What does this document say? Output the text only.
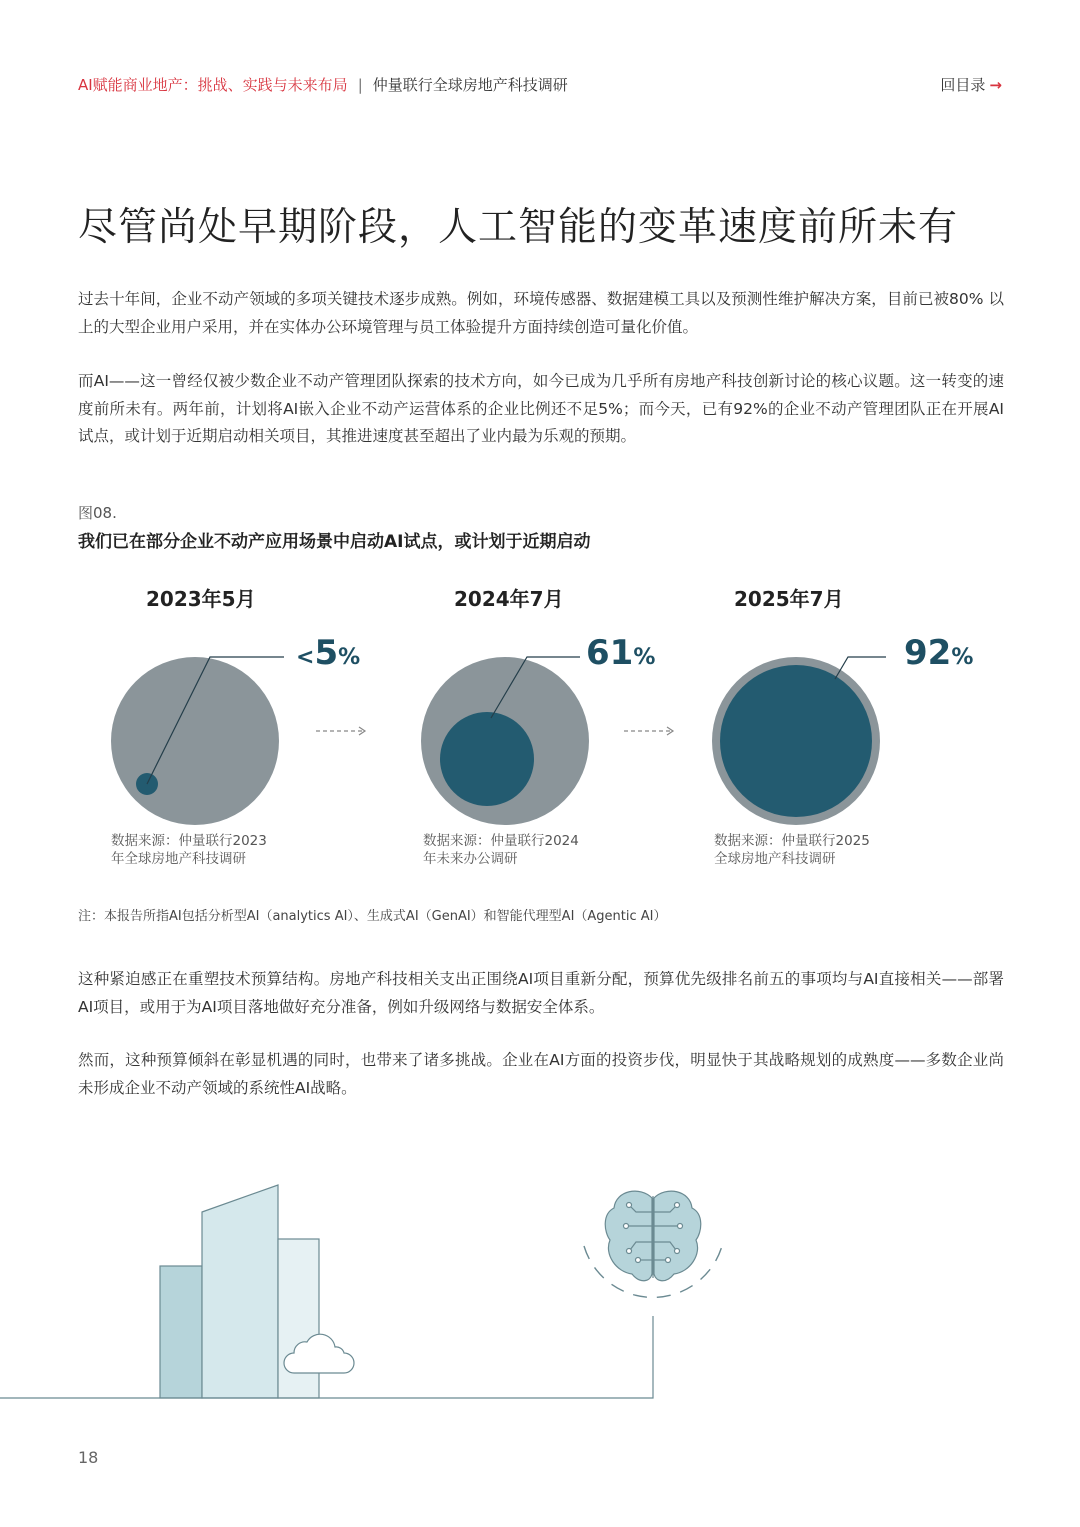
AI赋能商业地产：挑战、实践与未来布局 | 仲量联行全球房地产科技调研	回目录 →
尽管尚处早期阶段，人工智能的变革速度前所未有

过去十年间，企业不动产领域的多项关键技术逐步成熟。例如，环境传感器、数据建模工具以及预测性维护解决方案，目前已被80% 以上的大型企业用户采用，并在实体办公环境管理与员工体验提升方面持续创造可量化价值。

而AI——这一曾经仅被少数企业不动产管理团队探索的技术方向，如今已成为几乎所有房地产科技创新讨论的核心议题。这一转变的速度前所未有。两年前，计划将AI嵌入企业不动产运营体系的企业比例还不足5%；而今天，已有92%的企业不动产管理团队正在开展AI试点，或计划于近期启动相关项目，其推进速度甚至超出了业内最为乐观的预期。

图08.
我们已在部分企业不动产应用场景中启动AI试点，或计划于近期启动
2023年5月	2024年7月	2025年7月
<5%	61%	92%
数据来源：仲量联行2023
年全球房地产科技调研
数据来源：仲量联行2024
年未来办公调研
数据来源：仲量联行2025
全球房地产科技调研
注：本报告所指AI包括分析型AI（analytics AI）、生成式AI（GenAI）和智能代理型AI（Agentic AI）

这种紧迫感正在重塑技术预算结构。房地产科技相关支出正围绕AI项目重新分配，预算优先级排名前五的事项均与AI直接相关——部署AI项目，或用于为AI项目落地做好充分准备，例如升级网络与数据安全体系。

然而，这种预算倾斜在彰显机遇的同时，也带来了诸多挑战。企业在AI方面的投资步伐，明显快于其战略规划的成熟度——多数企业尚未形成企业不动产领域的系统性AI战略。

18
